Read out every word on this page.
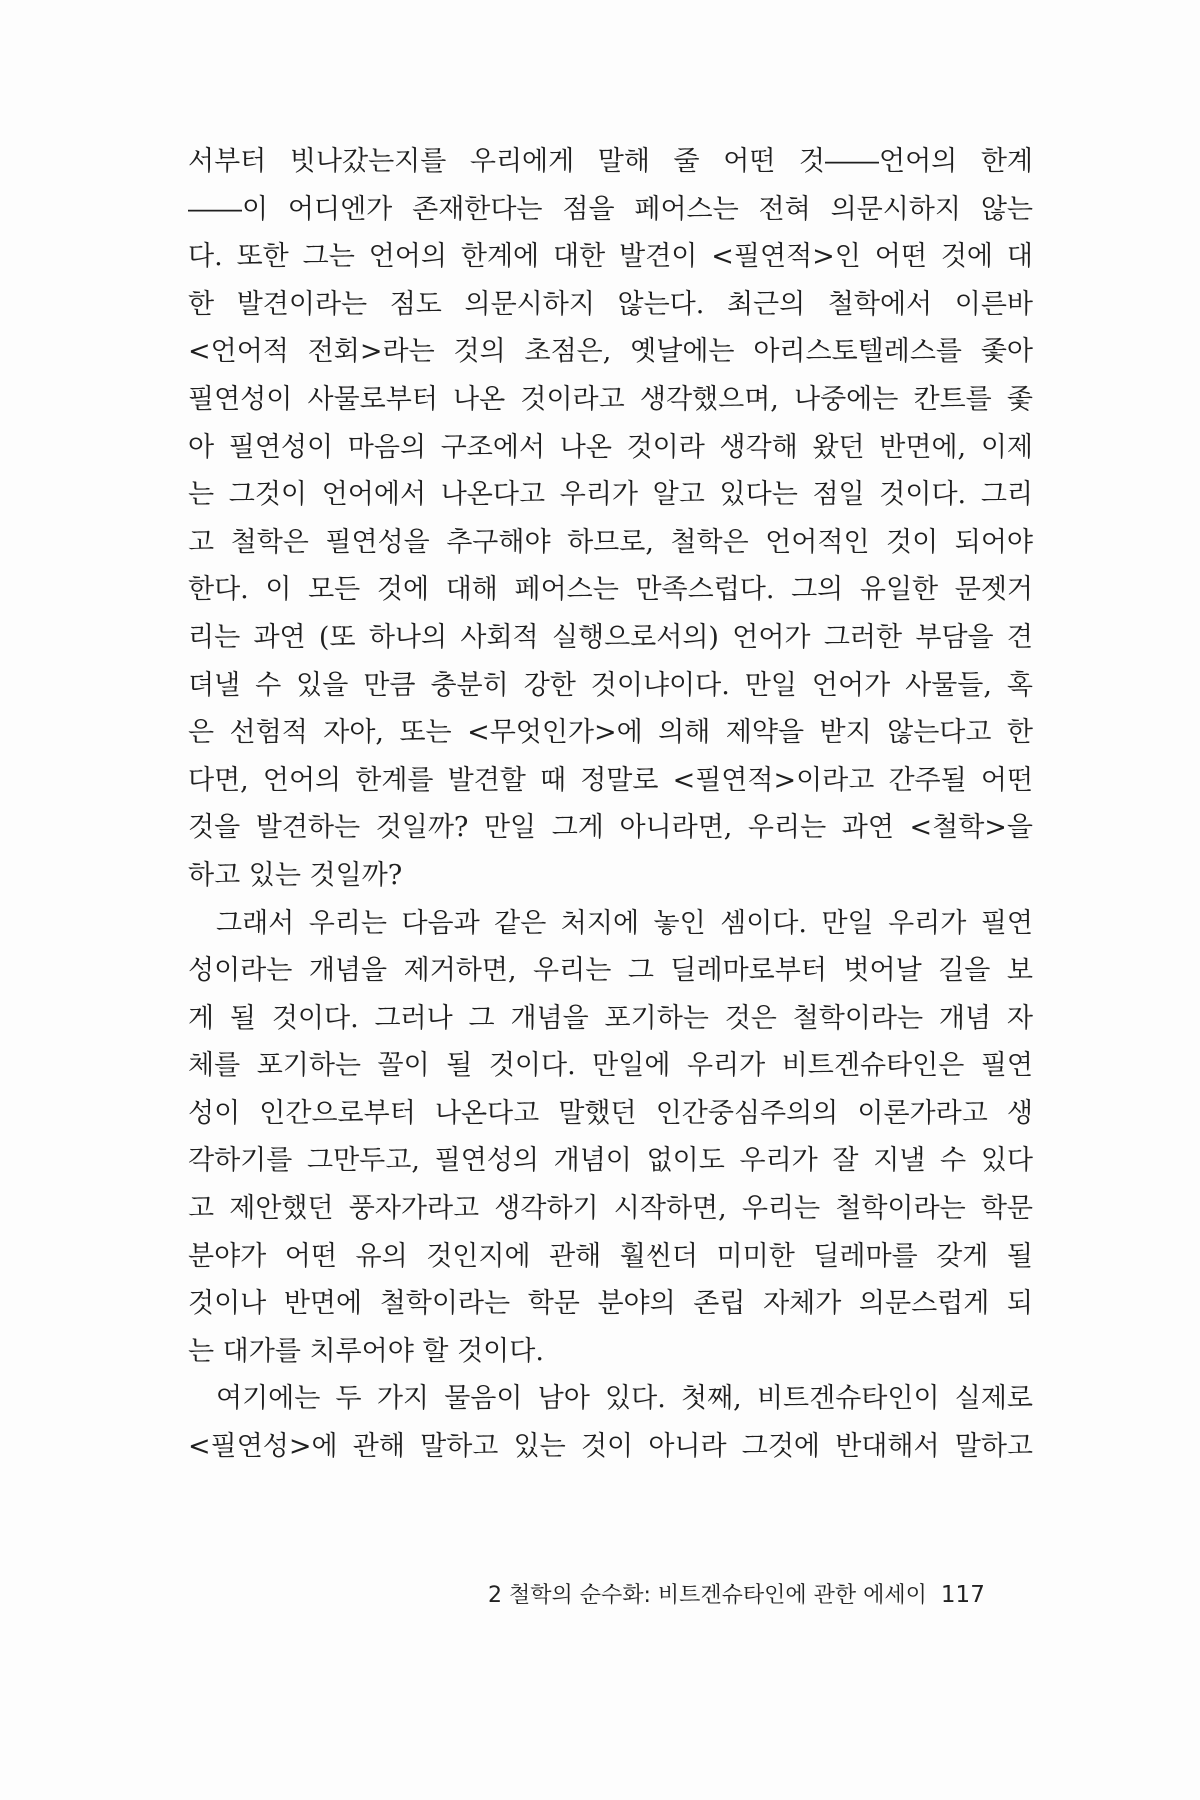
서부터 빗나갔는지를 우리에게 말해 줄 어떤 것――언어의 한계
――이 어디엔가 존재한다는 점을 페어스는 전혀 의문시하지 않는
다. 또한 그는 언어의 한계에 대한 발견이 <필연적>인 어떤 것에 대
한 발견이라는 점도 의문시하지 않는다. 최근의 철학에서 이른바
<언어적 전회>라는 것의 초점은, 옛날에는 아리스토텔레스를 좇아
필연성이 사물로부터 나온 것이라고 생각했으며, 나중에는 칸트를 좇
아 필연성이 마음의 구조에서 나온 것이라 생각해 왔던 반면에, 이제
는 그것이 언어에서 나온다고 우리가 알고 있다는 점일 것이다. 그리
고 철학은 필연성을 추구해야 하므로, 철학은 언어적인 것이 되어야
한다. 이 모든 것에 대해 페어스는 만족스럽다. 그의 유일한 문젯거
리는 과연 (또 하나의 사회적 실행으로서의) 언어가 그러한 부담을 견
뎌낼 수 있을 만큼 충분히 강한 것이냐이다. 만일 언어가 사물들, 혹
은 선험적 자아, 또는 <무엇인가>에 의해 제약을 받지 않는다고 한
다면, 언어의 한계를 발견할 때 정말로 <필연적>이라고 간주될 어떤
것을 발견하는 것일까? 만일 그게 아니라면, 우리는 과연 <철학>을
하고 있는 것일까?
그래서 우리는 다음과 같은 처지에 놓인 셈이다. 만일 우리가 필연
성이라는 개념을 제거하면, 우리는 그 딜레마로부터 벗어날 길을 보
게 될 것이다. 그러나 그 개념을 포기하는 것은 철학이라는 개념 자
체를 포기하는 꼴이 될 것이다. 만일에 우리가 비트겐슈타인은 필연
성이 인간으로부터 나온다고 말했던 인간중심주의의 이론가라고 생
각하기를 그만두고, 필연성의 개념이 없이도 우리가 잘 지낼 수 있다
고 제안했던 풍자가라고 생각하기 시작하면, 우리는 철학이라는 학문
분야가 어떤 유의 것인지에 관해 훨씬더 미미한 딜레마를 갖게 될
것이나 반면에 철학이라는 학문 분야의 존립 자체가 의문스럽게 되
는 대가를 치루어야 할 것이다.
여기에는 두 가지 물음이 남아 있다. 첫째, 비트겐슈타인이 실제로
<필연성>에 관해 말하고 있는 것이 아니라 그것에 반대해서 말하고
2 철학의 순수화: 비트겐슈타인에 관한 에세이 117
